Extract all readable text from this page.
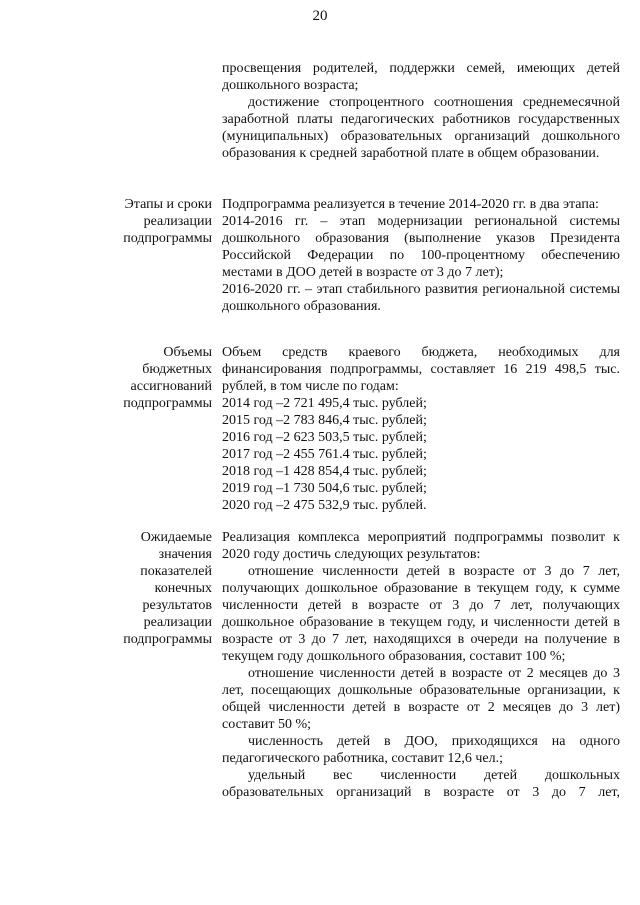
20

просвещения родителей, поддержки семей, имеющих детей дошкольного возраста;

достижение стопроцентного соотношения среднемесячной заработной платы педагогических работников государственных (муниципальных) образовательных организаций дошкольного образования к средней заработной плате в общем образовании.

Этапы и сроки реализации подпрограммы

Подпрограмма реализуется в течение 2014-2020 гг. в два этапа:

2014-2016 гг. – этап модернизации региональной системы дошкольного образования (выполнение указов Президента Российской Федерации по 100-процентному обеспечению местами в ДОО детей в возрасте от 3 до 7 лет);

2016-2020 гг. – этап стабильного развития региональной системы дошкольного образования.

Объемы бюджетных ассигнований подпрограммы

Объем средств краевого бюджета, необходимых для финансирования подпрограммы, составляет 16 219 498,5 тыс. рублей, в том числе по годам:

2014 год –2 721 495,4 тыс. рублей;
2015 год –2 783 846,4 тыс. рублей;
2016 год –2 623 503,5 тыс. рублей;
2017 год –2 455 761.4 тыс. рублей;
2018 год –1 428 854,4 тыс. рублей;
2019 год –1 730 504,6 тыс. рублей;
2020 год –2 475 532,9 тыс. рублей.
Ожидаемые значения показателей конечных результатов реализации подпрограммы

Реализация комплекса мероприятий подпрограммы позволит к 2020 году достичь следующих результатов:

отношение численности детей в возрасте от 3 до 7 лет, получающих дошкольное образование в текущем году, к сумме численности детей в возрасте от 3 до 7 лет, получающих дошкольное образование в текущем году, и численности детей в возрасте от 3 до 7 лет, находящихся в очереди на получение в текущем году дошкольного образования, составит 100 %;

отношение численности детей в возрасте от 2 месяцев до 3 лет, посещающих дошкольные образовательные организации, к общей численности детей в возрасте от 2 месяцев до 3 лет) составит 50 %;

численность детей в ДОО, приходящихся на одного педагогического работника, составит 12,6 чел.;

удельный вес численности детей дошкольных образовательных организаций в возрасте от 3 до 7 лет,
